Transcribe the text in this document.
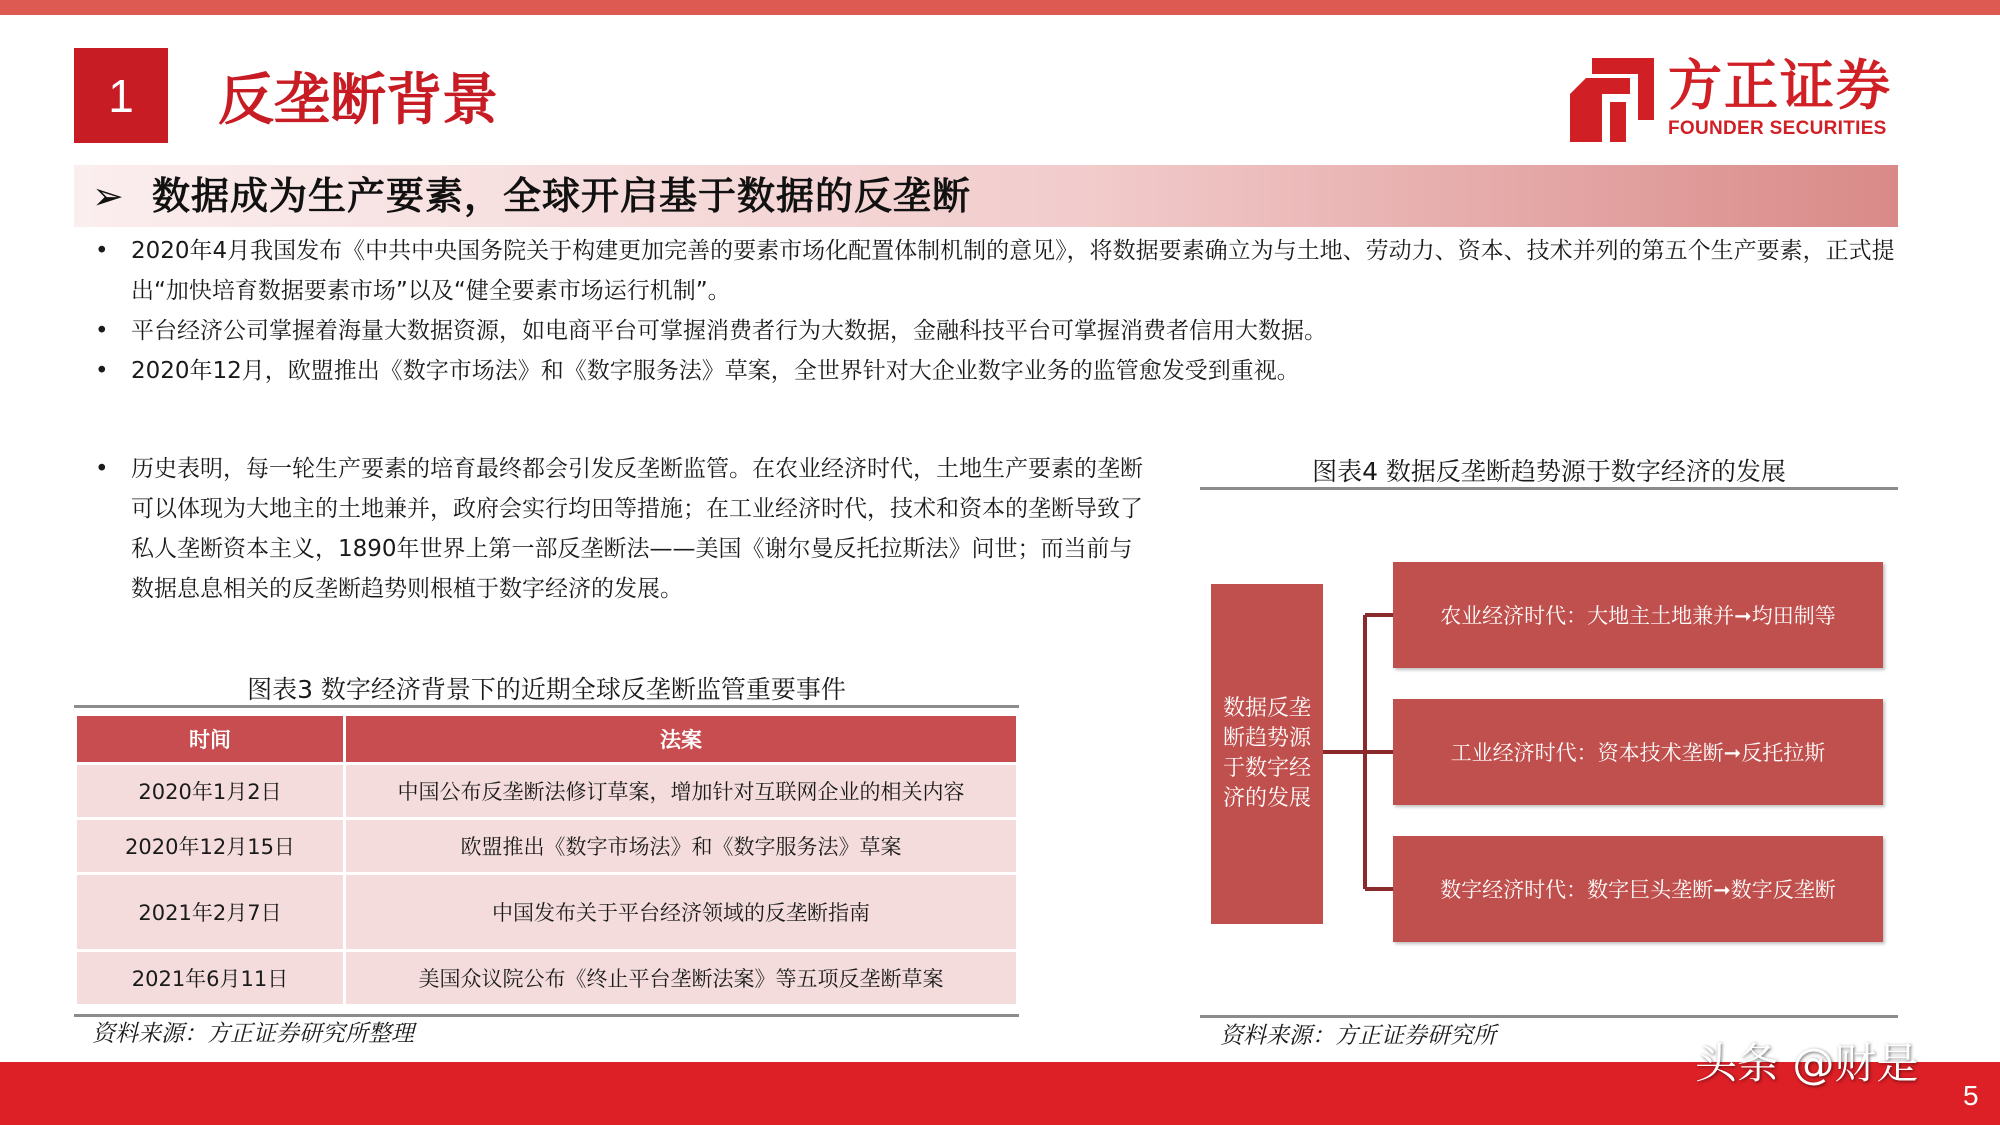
1	反垄断背景	方正证券
FOUNDER SECURITIES
➢ 数据成为生产要素，全球开启基于数据的反垄断
• 2020年4月我国发布《中共中央国务院关于构建更加完善的要素市场化配置体制机制的意见》，将数据要素确立为与土地、劳动力、资本、技术并列的第五个生产要素，正式提出“加快培育数据要素市场”以及“健全要素市场运行机制”。
• 平台经济公司掌握着海量大数据资源，如电商平台可掌握消费者行为大数据，金融科技平台可掌握消费者信用大数据。
• 2020年12月，欧盟推出《数字市场法》和《数字服务法》草案，全世界针对大企业数字业务的监管愈发受到重视。
• 历史表明，每一轮生产要素的培育最终都会引发反垄断监管。在农业经济时代，土地生产要素的垄断可以体现为大地主的土地兼并，政府会实行均田等措施；在工业经济时代，技术和资本的垄断导致了私人垄断资本主义，1890年世界上第一部反垄断法——美国《谢尔曼反托拉斯法》问世；而当前与数据息息相关的反垄断趋势则根植于数字经济的发展。
图表3 数字经济背景下的近期全球反垄断监管重要事件
时间	法案
2020年1月2日	中国公布反垄断法修订草案，增加针对互联网企业的相关内容
2020年12月15日	欧盟推出《数字市场法》和《数字服务法》草案
2021年2月7日	中国发布关于平台经济领域的反垄断指南
2021年6月11日	美国众议院公布《终止平台垄断法案》等五项反垄断草案
资料来源：方正证券研究所整理
图表4 数据反垄断趋势源于数字经济的发展
数据反垄断趋势源于数字经济的发展
农业经济时代：大地主土地兼并➞均田制等
工业经济时代：资本技术垄断➞反托拉斯
数字经济时代：数字巨头垄断➞数字反垄断
资料来源：方正证券研究所
头条 @财是
5
